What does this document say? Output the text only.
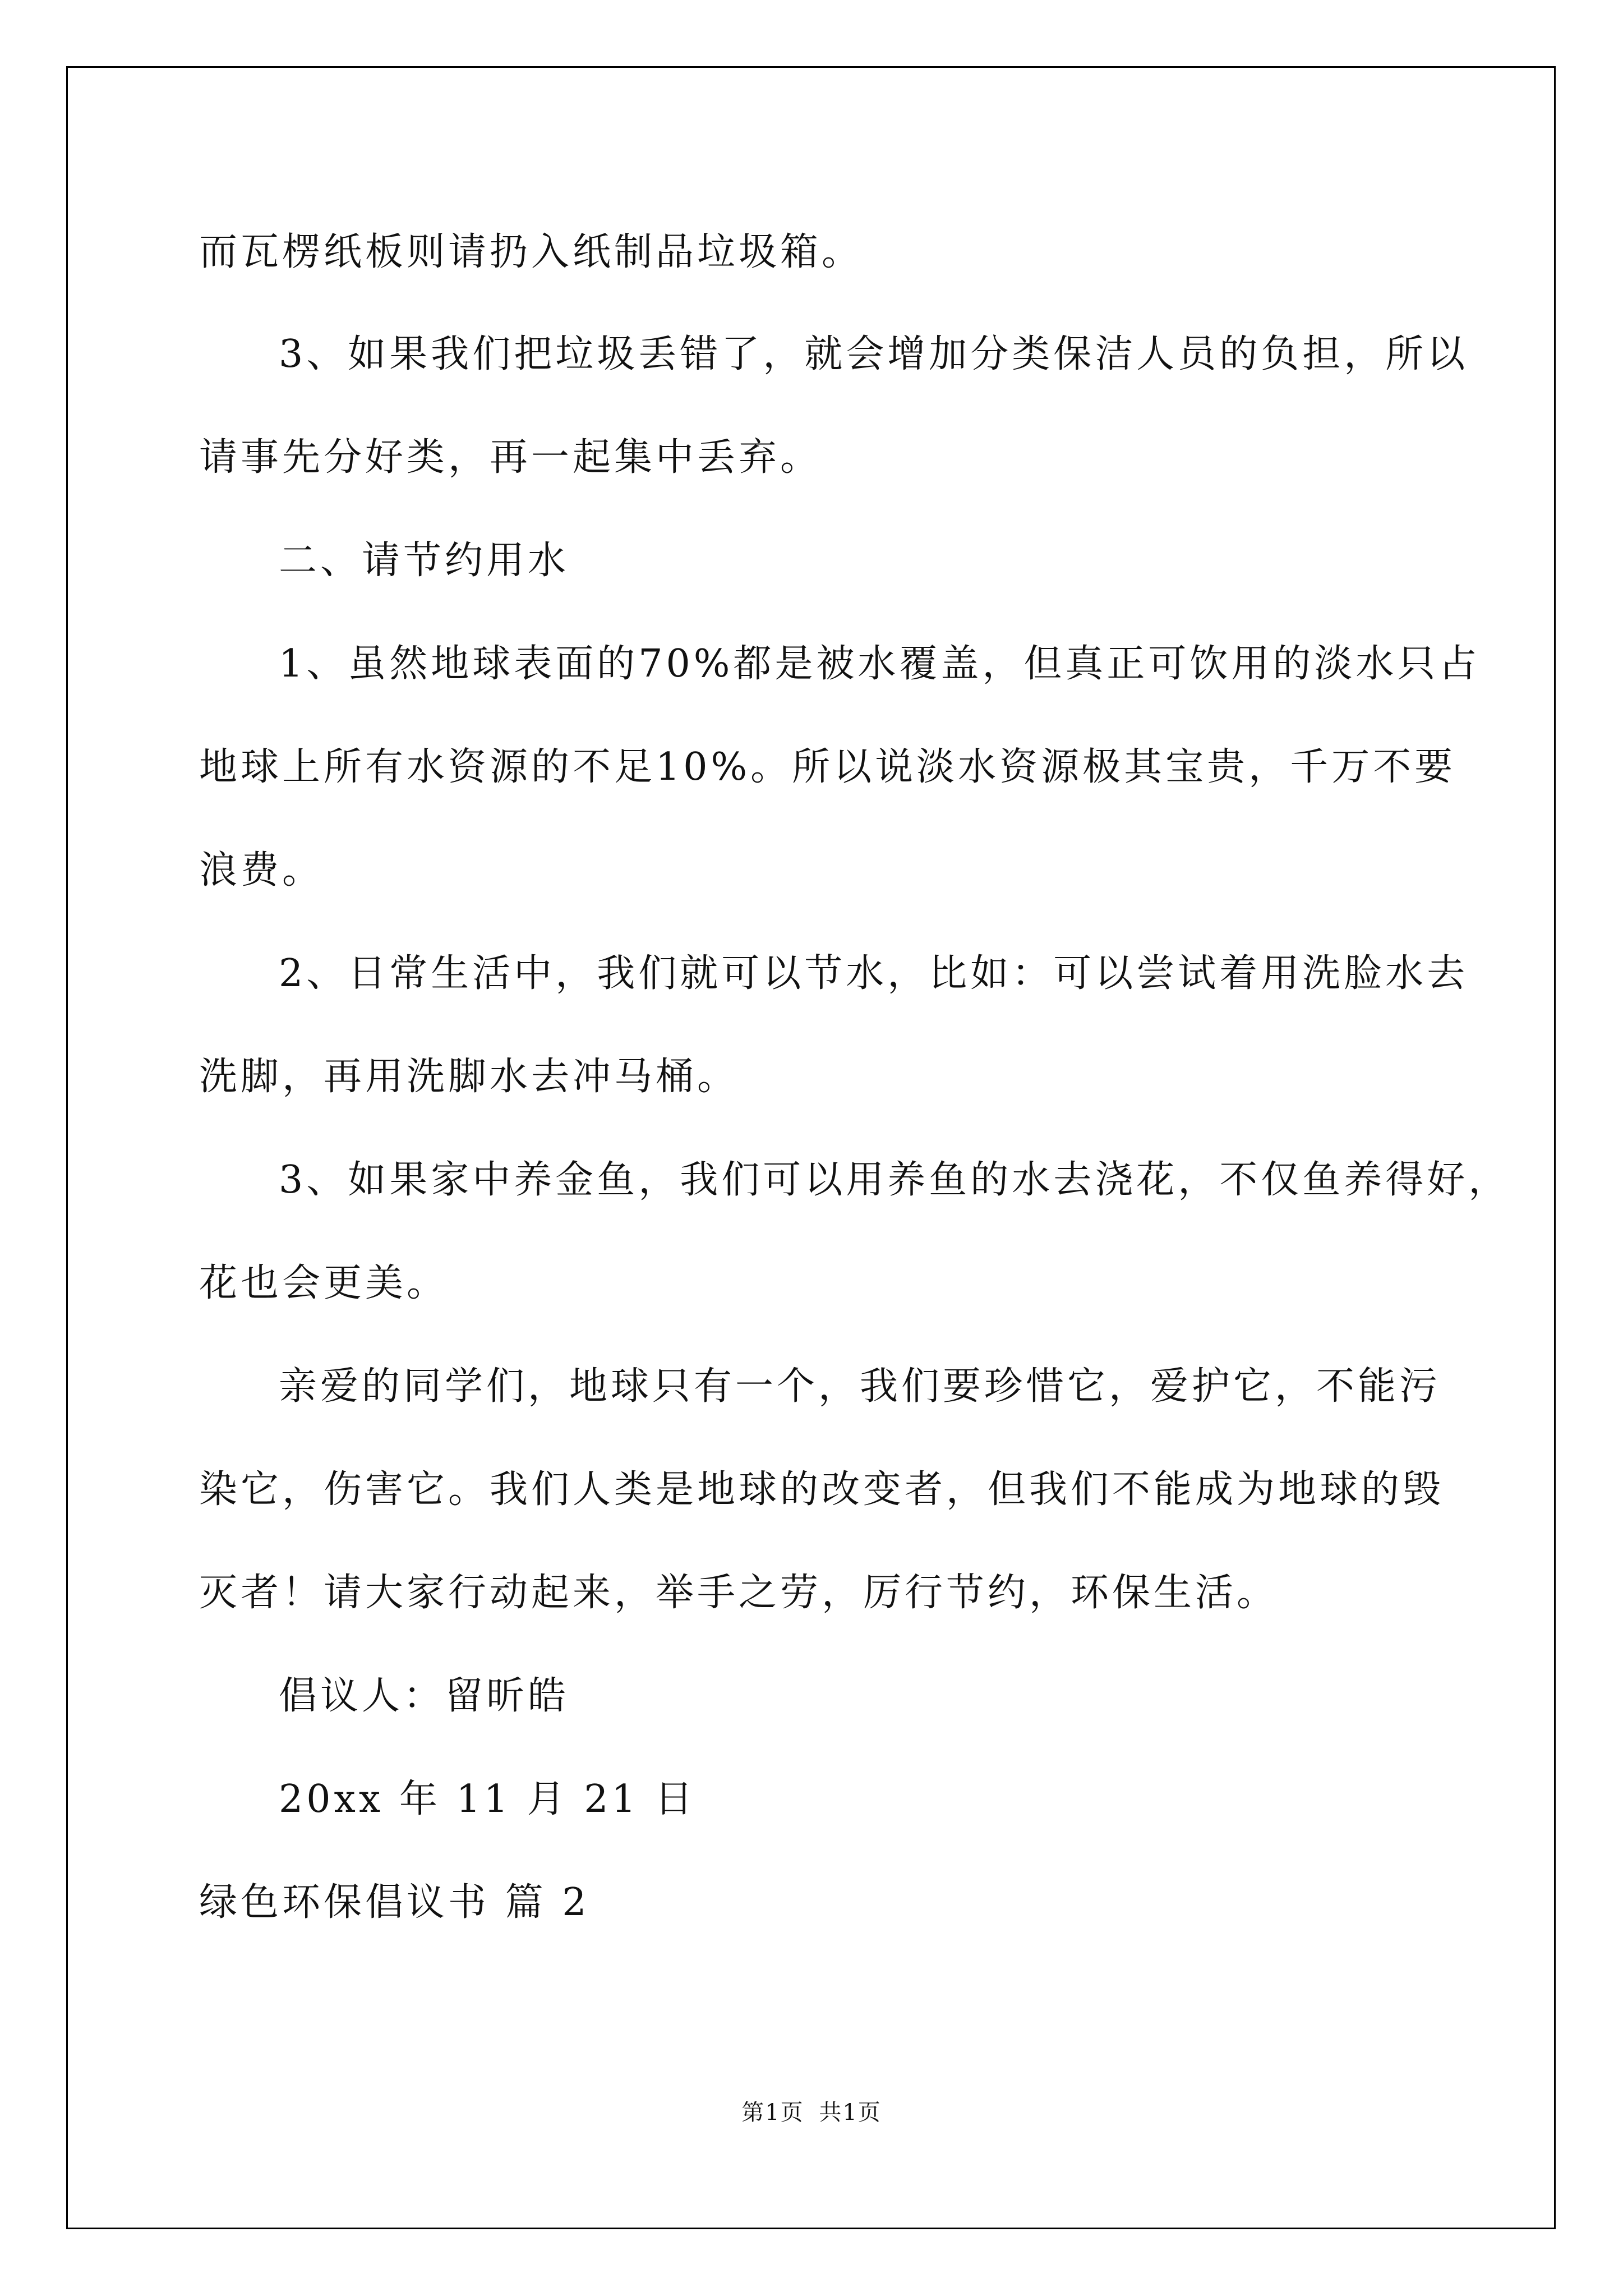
而瓦楞纸板则请扔入纸制品垃圾箱。
3、如果我们把垃圾丢错了，就会增加分类保洁人员的负担，所以
请事先分好类，再一起集中丢弃。
二、请节约用水
1、虽然地球表面的70%都是被水覆盖，但真正可饮用的淡水只占
地球上所有水资源的不足10%。所以说淡水资源极其宝贵，千万不要
浪费。
2、日常生活中，我们就可以节水，比如：可以尝试着用洗脸水去
洗脚，再用洗脚水去冲马桶。
3、如果家中养金鱼，我们可以用养鱼的水去浇花，不仅鱼养得好，
花也会更美。
亲爱的同学们，地球只有一个，我们要珍惜它，爱护它，不能污
染它，伤害它。我们人类是地球的改变者，但我们不能成为地球的毁
灭者！请大家行动起来，举手之劳，厉行节约，环保生活。
倡议人：留昕皓
20xx 年 11 月 21 日
绿色环保倡议书 篇 2
第1页 共1页
